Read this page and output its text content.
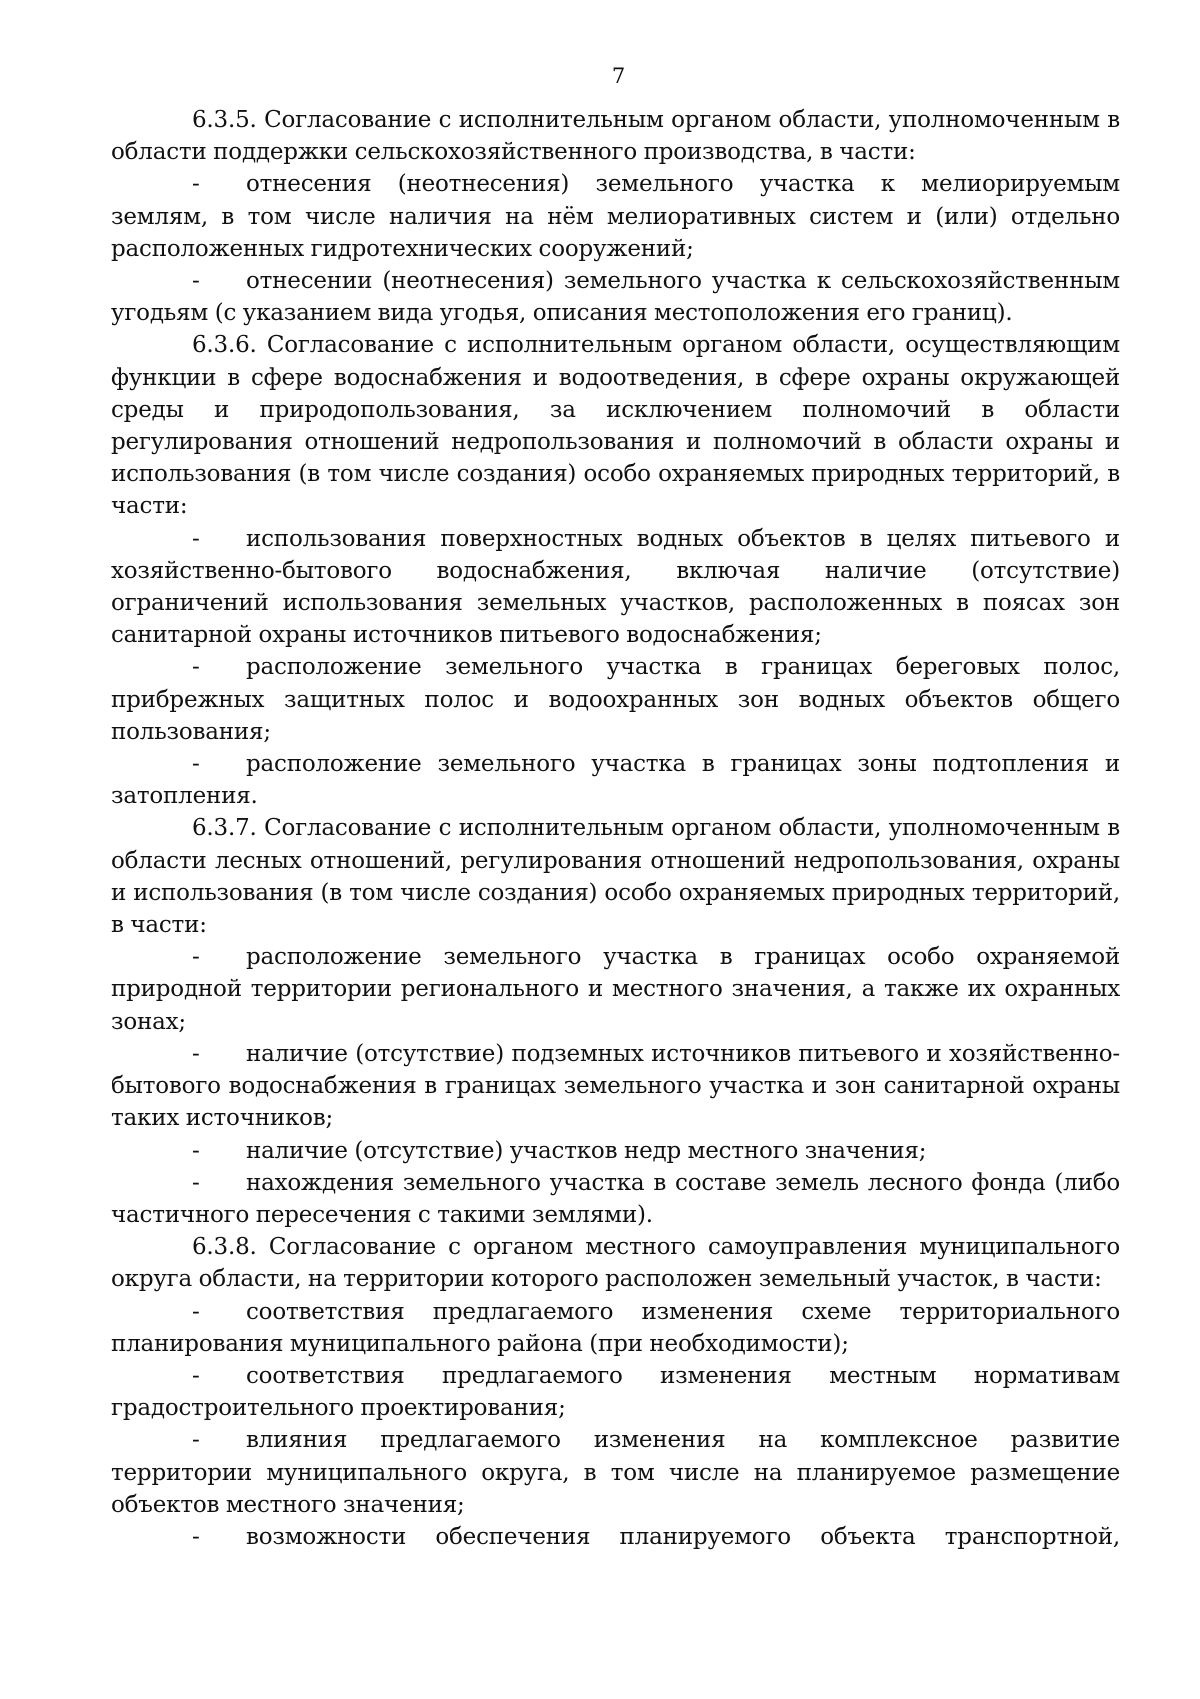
7

6.3.5. Согласование с исполнительным органом области, уполномоченным в области поддержки сельскохозяйственного производства, в части:

- отнесения (неотнесения) земельного участка к мелиорируемым землям, в том числе наличия на нём мелиоративных систем и (или) отдельно расположенных гидротехнических сооружений;

- отнесении (неотнесения) земельного участка к сельскохозяйственным угодьям (с указанием вида угодья, описания местоположения его границ).

6.3.6. Согласование с исполнительным органом области, осуществляющим функции в сфере водоснабжения и водоотведения, в сфере охраны окружающей среды и природопользования, за исключением полномочий в области регулирования отношений недропользования и полномочий в области охраны и использования (в том числе создания) особо охраняемых природных территорий, в части:

- использования поверхностных водных объектов в целях питьевого и хозяйственно-бытового водоснабжения, включая наличие (отсутствие) ограничений использования земельных участков, расположенных в поясах зон санитарной охраны источников питьевого водоснабжения;

- расположение земельного участка в границах береговых полос, прибрежных защитных полос и водоохранных зон водных объектов общего пользования;

- расположение земельного участка в границах зоны подтопления и затопления.

6.3.7. Согласование с исполнительным органом области, уполномоченным в области лесных отношений, регулирования отношений недропользования, охраны и использования (в том числе создания) особо охраняемых природных территорий, в части:

- расположение земельного участка в границах особо охраняемой природной территории регионального и местного значения, а также их охранных зонах;

- наличие (отсутствие) подземных источников питьевого и хозяйственно-бытового водоснабжения в границах земельного участка и зон санитарной охраны таких источников;

- наличие (отсутствие) участков недр местного значения;

- нахождения земельного участка в составе земель лесного фонда (либо частичного пересечения с такими землями).

6.3.8. Согласование с органом местного самоуправления муниципального округа области, на территории которого расположен земельный участок, в части:

- соответствия предлагаемого изменения схеме территориального планирования муниципального района (при необходимости);

- соответствия предлагаемого изменения местным нормативам градостроительного проектирования;

- влияния предлагаемого изменения на комплексное развитие территории муниципального округа, в том числе на планируемое размещение объектов местного значения;

- возможности обеспечения планируемого объекта транспортной,
